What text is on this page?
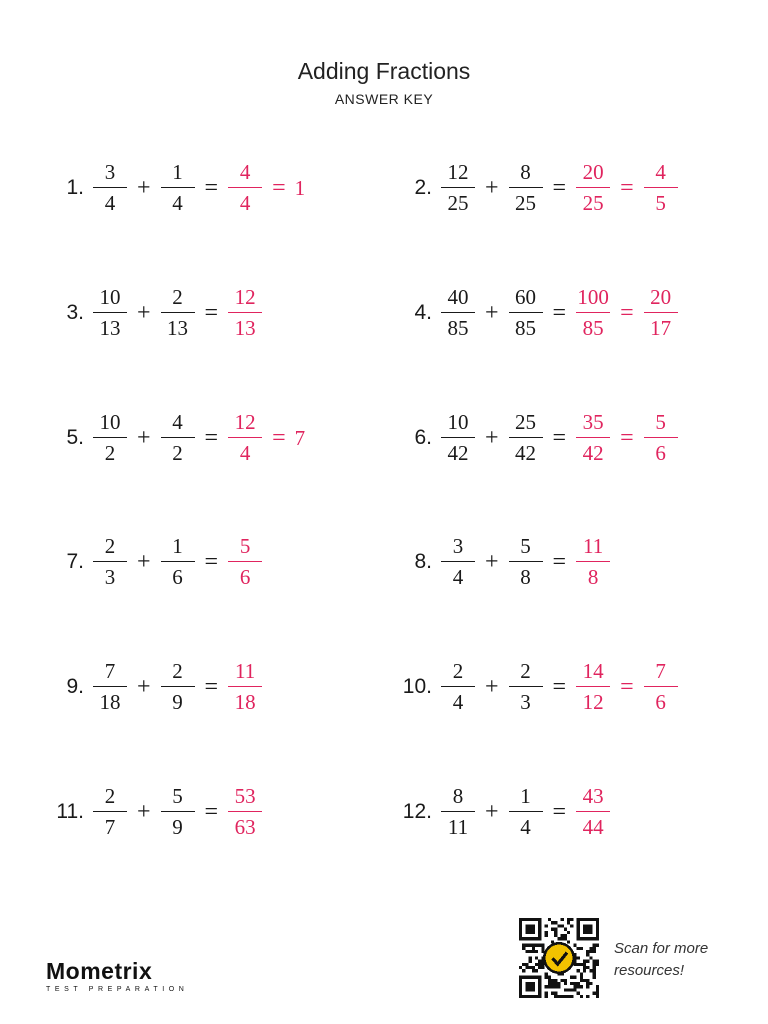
Adding Fractions
ANSWER KEY
1. $\frac{3}{4} + \frac{1}{4} = \frac{4}{4} = 1$	2. $\frac{12}{25} + \frac{8}{25} = \frac{20}{25} = \frac{4}{5}$
3. $\frac{10}{13} + \frac{2}{13} = \frac{12}{13}$	4. $\frac{40}{85} + \frac{60}{85} = \frac{100}{85} = \frac{20}{17}$
5. $\frac{10}{2} + \frac{4}{2} = \frac{12}{4} = 7$	6. $\frac{10}{42} + \frac{25}{42} = \frac{35}{42} = \frac{5}{6}$
7. $\frac{2}{3} + \frac{1}{6} = \frac{5}{6}$	8. $\frac{3}{4} + \frac{5}{8} = \frac{11}{8}$
9. $\frac{7}{18} + \frac{2}{9} = \frac{11}{18}$	10. $\frac{2}{4} + \frac{2}{3} = \frac{14}{12} = \frac{7}{6}$
11. $\frac{2}{7} + \frac{5}{9} = \frac{53}{63}$	12. $\frac{8}{11} + \frac{1}{4} = \frac{43}{44}$
Mometrix
TEST PREPARATION
Scan for more
resources!
